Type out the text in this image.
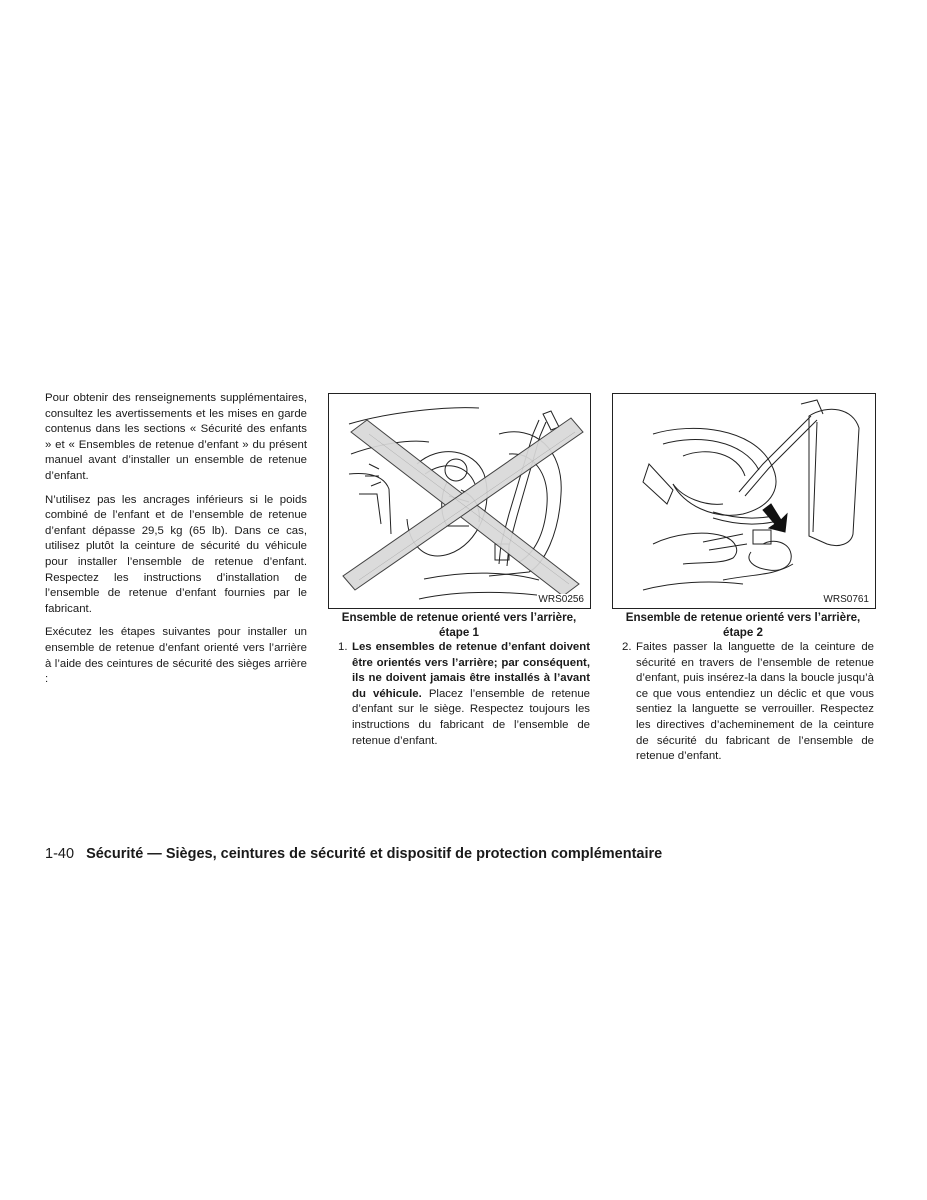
Pour obtenir des renseignements supplémentaires, consultez les avertissements et les mises en garde contenus dans les sections « Sécurité des enfants » et « Ensembles de retenue d’enfant » du présent manuel avant d’installer un ensemble de retenue d’enfant.

N’utilisez pas les ancrages inférieurs si le poids combiné de l’enfant et de l’ensemble de retenue d’enfant dépasse 29,5 kg (65 lb). Dans ce cas, utilisez plutôt la ceinture de sécurité du véhicule pour installer l’ensemble de retenue d’enfant. Respectez les instructions d’installation de l’ensemble de retenue d’enfant fournies par le fabricant.

Exécutez les étapes suivantes pour installer un ensemble de retenue d’enfant orienté vers l’arrière à l’aide des ceintures de sécurité des sièges arrière :

WRS0256
Ensemble de retenue orienté vers l’arrière,
étape 1
WRS0761
Ensemble de retenue orienté vers l’arrière,
étape 2
1. Les ensembles de retenue d’enfant doivent être orientés vers l’arrière; par conséquent, ils ne doivent jamais être installés à l’avant du véhicule. Placez l’ensemble de retenue d’enfant sur le siège. Respectez toujours les instructions du fabricant de l’ensemble de retenue d’enfant.
2. Faites passer la languette de la ceinture de sécurité en travers de l’ensemble de retenue d’enfant, puis insérez-la dans la boucle jusqu’à ce que vous entendiez un déclic et que vous sentiez la languette se verrouiller. Respectez les directives d’acheminement de la ceinture de sécurité du fabricant de l’ensemble de retenue d’enfant.
1-40 Sécurité — Sièges, ceintures de sécurité et dispositif de protection complémentaire
